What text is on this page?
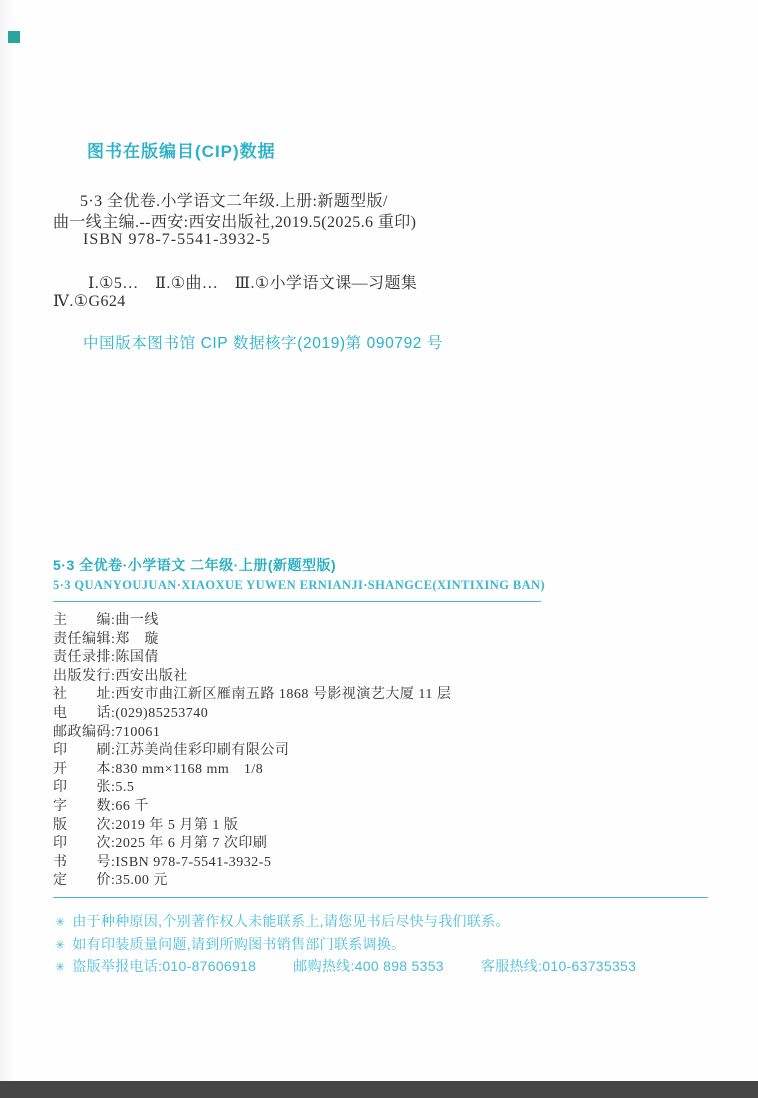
图书在版编目(CIP)数据
5·3 全优卷.小学语文二年级.上册:新题型版/
曲一线主编.--西安:西安出版社,2019.5(2025.6 重印)
ISBN 978-7-5541-3932-5
Ⅰ.①5…　Ⅱ.①曲…　Ⅲ.①小学语文课—习题集
Ⅳ.①G624
中国版本图书馆 CIP 数据核字(2019)第 090792 号
5·3 全优卷·小学语文 二年级·上册(新题型版)
5·3 QUANYOUJUAN·XIAOXUE YUWEN ERNIANJI·SHANGCE(XINTIXING BAN)
主　　编:曲一线
责任编辑:郑　璇
责任录排:陈国倩
出版发行:西安出版社
社　　址:西安市曲江新区雁南五路 1868 号影视演艺大厦 11 层
电　　话:(029)85253740
邮政编码:710061
印　　刷:江苏美尚佳彩印刷有限公司
开　　本:830 mm×1168 mm　1/8
印　　张:5.5
字　　数:66 千
版　　次:2019 年 5 月第 1 版
印　　次:2025 年 6 月第 7 次印刷
书　　号:ISBN 978-7-5541-3932-5
定　　价:35.00 元
✳ 由于种种原因,个别著作权人未能联系上,请您见书后尽快与我们联系。
✳ 如有印装质量问题,请到所购图书销售部门联系调换。
✳ 盗版举报电话:010-87606918	邮购热线:400 898 5353	客服热线:010-63735353
